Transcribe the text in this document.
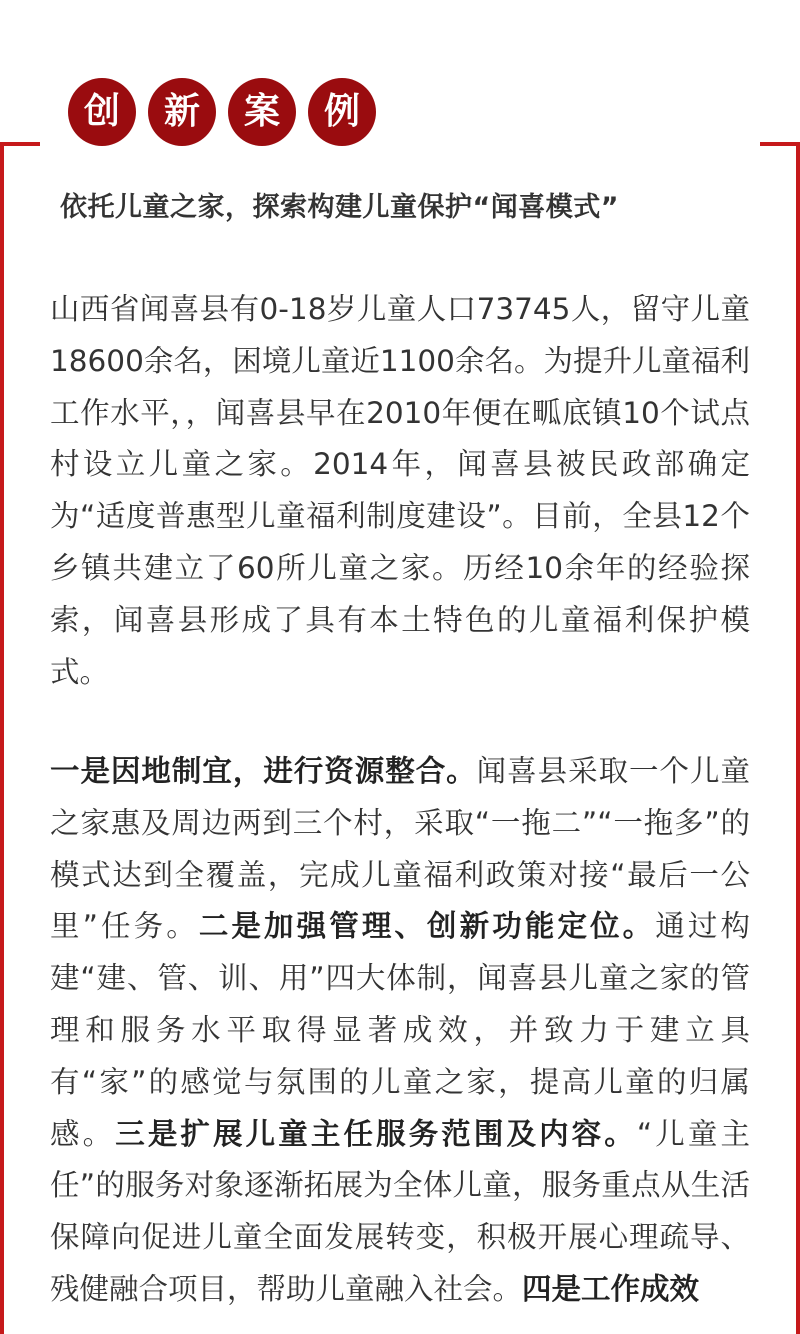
创	新	案	例
依托儿童之家，探索构建儿童保护“闻喜模式”
山西省闻喜县有0-18岁儿童人口73745人，留守儿童18600余名，困境儿童近1100余名。为提升儿童福利工作水平，，闻喜县早在2010年便在畖底镇10个试点村设立儿童之家。2014年，闻喜县被民政部确定为“适度普惠型儿童福利制度建设”。目前，全县12个乡镇共建立了60所儿童之家。历经10余年的经验探索，闻喜县形成了具有本土特色的儿童福利保护模式。
一是因地制宜，进行资源整合。闻喜县采取一个儿童之家惠及周边两到三个村，采取“一拖二”“一拖多”的模式达到全覆盖，完成儿童福利政策对接“最后一公里”任务。二是加强管理、创新功能定位。通过构建“建、管、训、用”四大体制，闻喜县儿童之家的管理和服务水平取得显著成效，并致力于建立具有“家”的感觉与氛围的儿童之家，提高儿童的归属感。三是扩展儿童主任服务范围及内容。“儿童主任”的服务对象逐渐拓展为全体儿童，服务重点从生活保障向促进儿童全面发展转变，积极开展心理疏导、残健融合项目，帮助儿童融入社会。四是工作成效
